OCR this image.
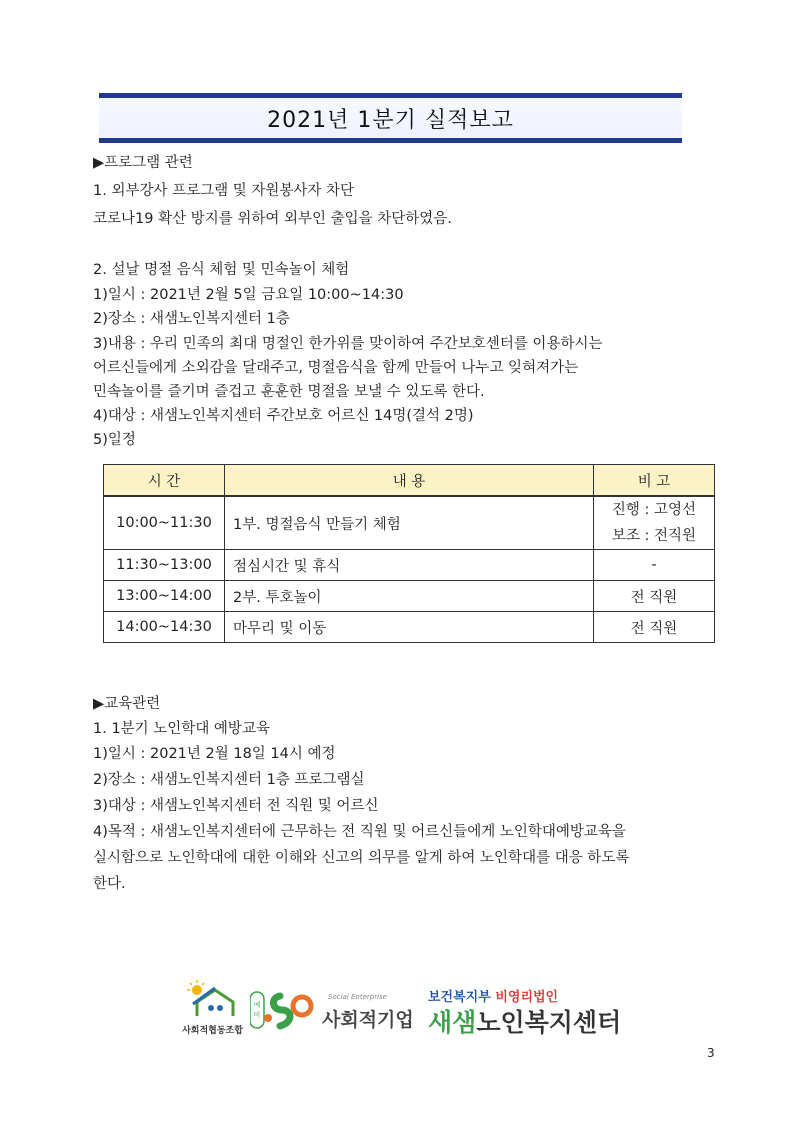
2021년 1분기 실적보고
▶프로그램 관련
1. 외부강사 프로그램 및 자원봉사자 차단
코로나19 확산 방지를 위하여 외부인 출입을 차단하였음.
2. 설날 명절 음식 체험 및 민속놀이 체험
1)일시 : 2021년 2월 5일 금요일 10:00~14:30
2)장소 : 새샘노인복지센터 1층
3)내용 : 우리 민족의 최대 명절인 한가위를 맞이하여 주간보호센터를 이용하시는
어르신들에게 소외감을 달래주고, 명절음식을 함께 만들어 나누고 잊혀져가는
민속놀이를 즐기며 즐겁고 훈훈한 명절을 보낼 수 있도록 한다.
4)대상 : 새샘노인복지센터 주간보호 어르신 14명(결석 2명)
5)일정
시 간	내 용	비 고
10:00~11:30	1부. 명절음식 만들기 체험	진행 : 고영선
보조 : 전직원

11:30~13:00	점심시간 및 휴식	-
13:00~14:00	2부. 투호놀이	전 직원
14:00~14:30	마무리 및 이동	전 직원
▶교육관련
1. 1분기 노인학대 예방교육
1)일시 : 2021년 2월 18일 14시 예정
2)장소 : 새샘노인복지센터 1층 프로그램실
3)대상 : 새샘노인복지센터 전 직원 및 어르신
4)목적 : 새샘노인복지센터에 근무하는 전 직원 및 어르신들에게 노인학대예방교육을
실시함으로 노인학대에 대한 이해와 신고의 의무를 알게 하여 노인학대를 대응 하도록
한다.
사회적협동조합
예비
Social Enterprise
사회적기업
보건복지부 비영리법인
새샘노인복지센터
3
